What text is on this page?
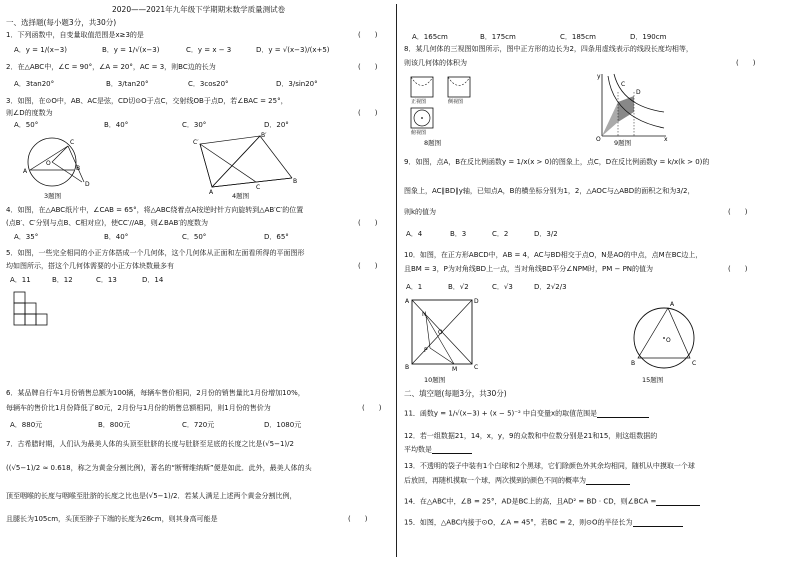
2020——2021年九年级下学期期末数学质量测试卷
一、选择题(每小题3分，共30分)
1．下列函数中，自变量取值范围是x≥3的是	(　　)
A．y = 1/(x−3)	B．y = 1/√(x−3)	C．y = x − 3	D．y = √(x−3)/(x+5)
2．在△ABC中，∠C = 90°，∠A = 20°，AC = 3，则BC边的长为	(　　)
A．3tan20°	B．3/tan20°	C．3cos20°	D．3/sin20°
3．如图，在⊙O中，AB、AC是弦，CD切⊙O于点C，交射线OB于点D，若∠BAC = 25°，
则∠D的度数为	(　　)
A．50°	B．40°	C．30°	D．20°
A
O
B
C
D
3题图	A
C′
B′
C
B
4题图
4．如图，在△ABC纸片中，∠CAB = 65°，将△ABC绕着点A按逆时针方向旋转到△AB′C′的位置
(点B′、C′分别与点B、C相对应)，使CC′//AB，则∠BAB′的度数为	(　　)
A．35°	B．40°	C．50°	D．65°
5．如图，一些完全相同的小正方体搭成一个几何体，这个几何体从正面和左面看所得的平面图形
均如图所示，搭这个几何体需要的小正方体块数最多有	(　　)
A．11	B．12	C．13	D．14
6．某品牌自行车1月份销售总额为100辆，每辆车售价相同，2月份的销售量比1月份增加10%，
每辆车的售价比1月份降低了80元，2月份与1月份的销售总额相同，则1月份的售价为	(　　)
A．880元	B．800元	C．720元	D．1080元
7．古希腊时期，人们认为最美人体的头顶至肚脐的长度与肚脐至足底的长度之比是(√5−1)/2
((√5−1)/2 ≈ 0.618，称之为黄金分割比例)，著名的“断臂维纳斯”便是如此．此外，最美人体的头
顶至咽喉的长度与咽喉至肚脐的长度之比也是(√5−1)/2．若某人满足上述两个黄金分割比例，
且腿长为105cm，头顶至脖子下端的长度为26cm，则其身高可能是	(　　)
A．165cm	B．175cm	C．185cm	D．190cm
8．某几何体的三视图如图所示，图中正方形的边长为2，四条用虚线表示的线段长度均相等，
则该几何体的体积为	(　　)
正视图	侧视图
俯视图
8题图	O	x
y
C
D
9题图
9．如图，点A，B在反比例函数y = 1/x(x > 0)的图象上，点C，D在反比例函数y = k/x(k > 0)的
图象上，AC∥BD∥y轴，已知点A，B的横坐标分别为1，2，△AOC与△ABD的面积之和为3/2，
则k的值为	(　　)
A．4	B．3	C．2	D．3/2
10．如图，在正方形ABCD中，AB = 4，AC与BD相交于点O，N是AO的中点，点M在BC边上，
且BM = 3，P为对角线BD上一点，当对角线BD平分∠NPM时，PM − PN的值为	(　　)
A．1	B．√2	C．√3	D．2√2/3
A	D
B	C
N
O
P
M
10题图
A
O
B	C
15题图
二、填空题(每题3分，共30分)
11．函数y = 1/√(x−3) + (x − 5)⁻² 中自变量x的取值范围是
12．若一组数据21，14，x，y，9的众数和中位数分别是21和15，则这组数据的
平均数是
13．不透明的袋子中装有1个白球和2个黑球，它们除颜色外其余均相同，随机从中摸取一个球
后放回，再随机摸取一个球，两次摸到的颜色不同的概率为
14．在△ABC中，∠B = 25°，AD是BC上的高，且AD² = BD · CD，则∠BCA =
15．如图，△ABC内接于⊙O，∠A = 45°，若BC = 2，则⊙O的半径长为
